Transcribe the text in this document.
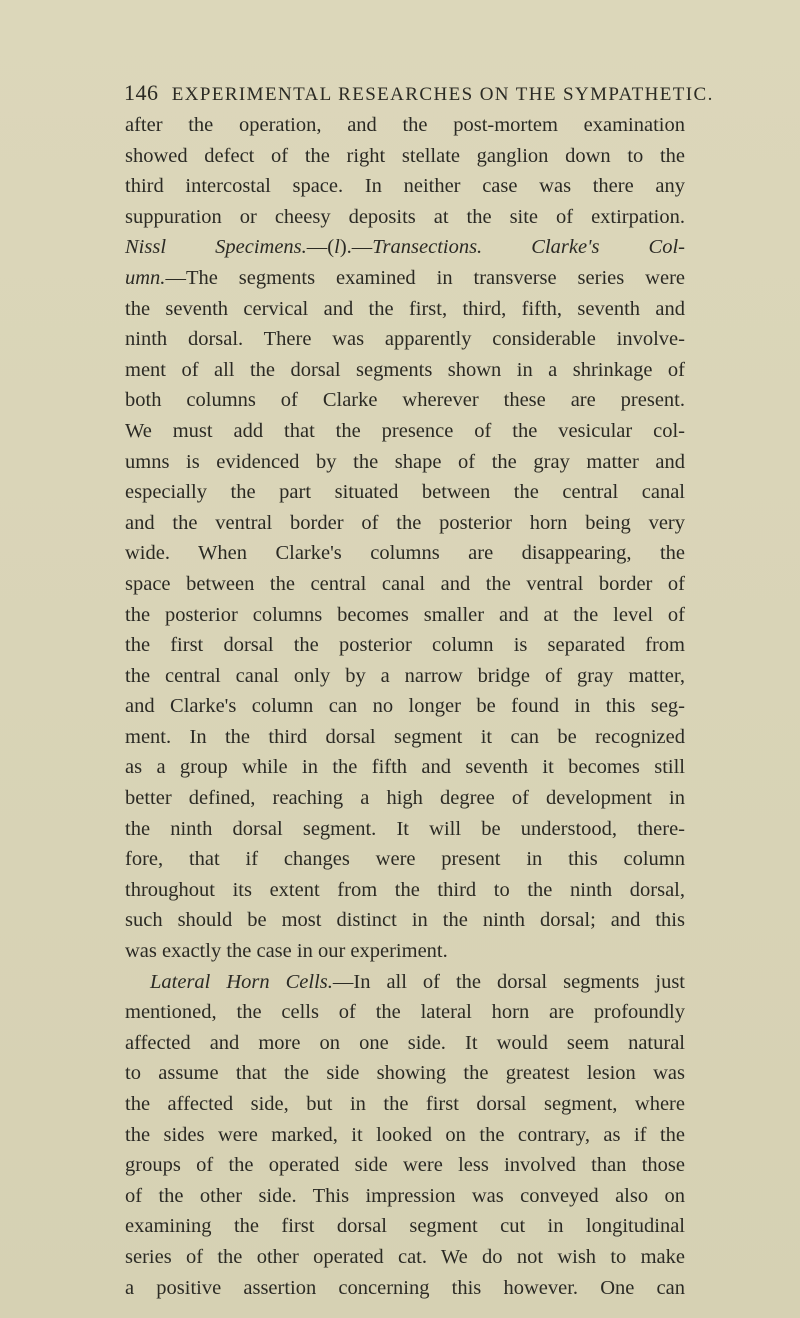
146 EXPERIMENTAL RESEARCHES ON THE SYMPATHETIC.
after the operation, and the post-mortem examination
showed defect of the right stellate ganglion down to the
third intercostal space. In neither case was there any
suppuration or cheesy deposits at the site of extirpation.
Nissl Specimens.—(l).—Transections. Clarke's Col-
umn.—The segments examined in transverse series were
the seventh cervical and the first, third, fifth, seventh and
ninth dorsal. There was apparently considerable involve-
ment of all the dorsal segments shown in a shrinkage of
both columns of Clarke wherever these are present.
We must add that the presence of the vesicular col-
umns is evidenced by the shape of the gray matter and
especially the part situated between the central canal
and the ventral border of the posterior horn being very
wide. When Clarke's columns are disappearing, the
space between the central canal and the ventral border of
the posterior columns becomes smaller and at the level of
the first dorsal the posterior column is separated from
the central canal only by a narrow bridge of gray matter,
and Clarke's column can no longer be found in this seg-
ment. In the third dorsal segment it can be recognized
as a group while in the fifth and seventh it becomes still
better defined, reaching a high degree of development in
the ninth dorsal segment. It will be understood, there-
fore, that if changes were present in this column
throughout its extent from the third to the ninth dorsal,
such should be most distinct in the ninth dorsal; and this
was exactly the case in our experiment.
Lateral Horn Cells.—In all of the dorsal segments just
mentioned, the cells of the lateral horn are profoundly
affected and more on one side. It would seem natural
to assume that the side showing the greatest lesion was
the affected side, but in the first dorsal segment, where
the sides were marked, it looked on the contrary, as if the
groups of the operated side were less involved than those
of the other side. This impression was conveyed also on
examining the first dorsal segment cut in longitudinal
series of the other operated cat. We do not wish to make
a positive assertion concerning this however. One can
